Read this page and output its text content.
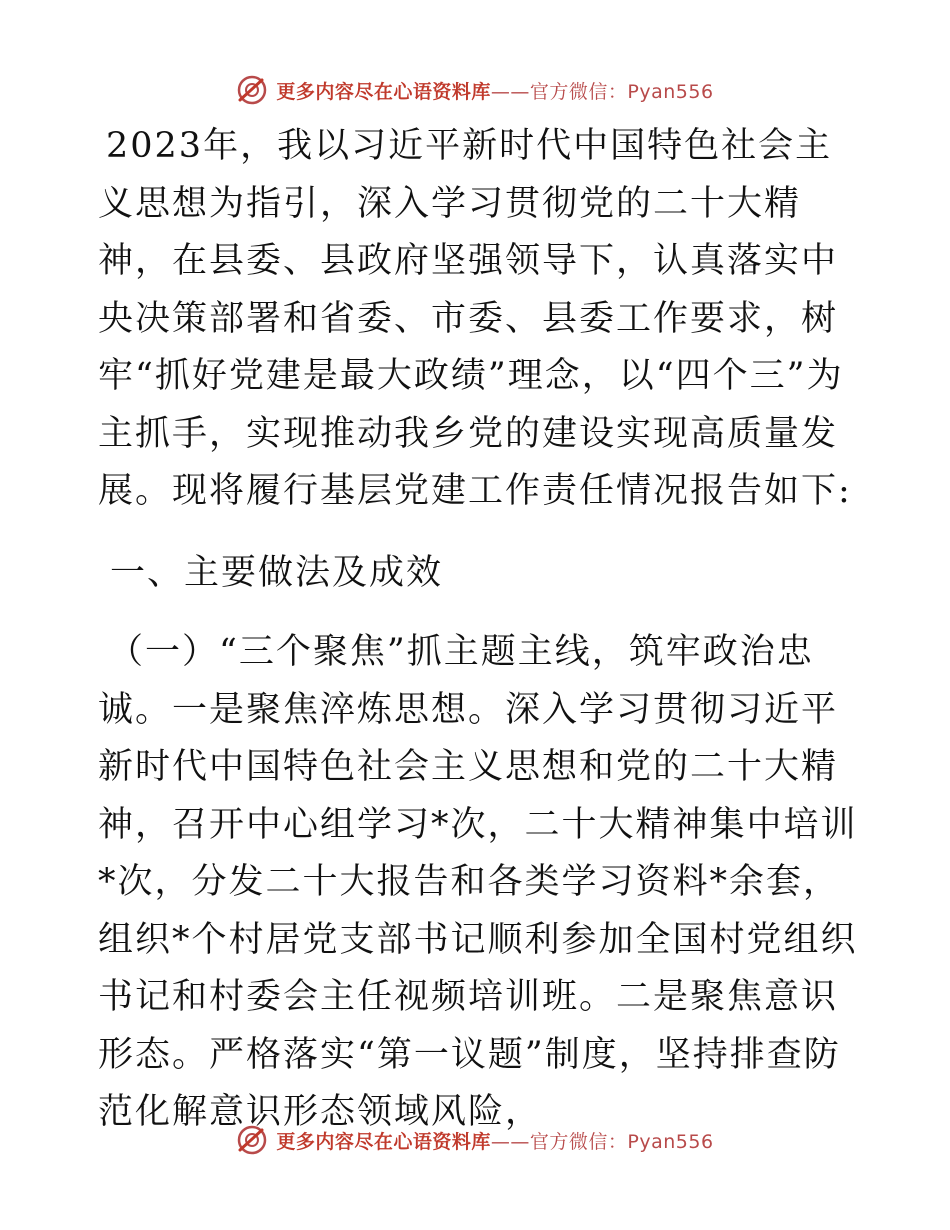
更多内容尽在心语资料库——官方微信：Pyan556

2023年，我以习近平新时代中国特色社会主义思想为指引，深入学习贯彻党的二十大精神，在县委、县政府坚强领导下，认真落实中央决策部署和省委、市委、县委工作要求，树牢“抓好党建是最大政绩”理念，以“四个三”为主抓手，实现推动我乡党的建设实现高质量发展。现将履行基层党建工作责任情况报告如下:

一、主要做法及成效

（一）“三个聚焦”抓主题主线，筑牢政治忠

诚。一是聚焦淬炼思想。深入学习贯彻习近平新时代中国特色社会主义思想和党的二十大精神，召开中心组学习*次，二十大精神集中培训*次，分发二十大报告和各类学习资料*余套，组织*个村居党支部书记顺利参加全国村党组织书记和村委会主任视频培训班。二是聚焦意识形态。严格落实“第一议题”制度，坚持排查防范化解意识形态领域风险，

更多内容尽在心语资料库——官方微信：Pyan556
